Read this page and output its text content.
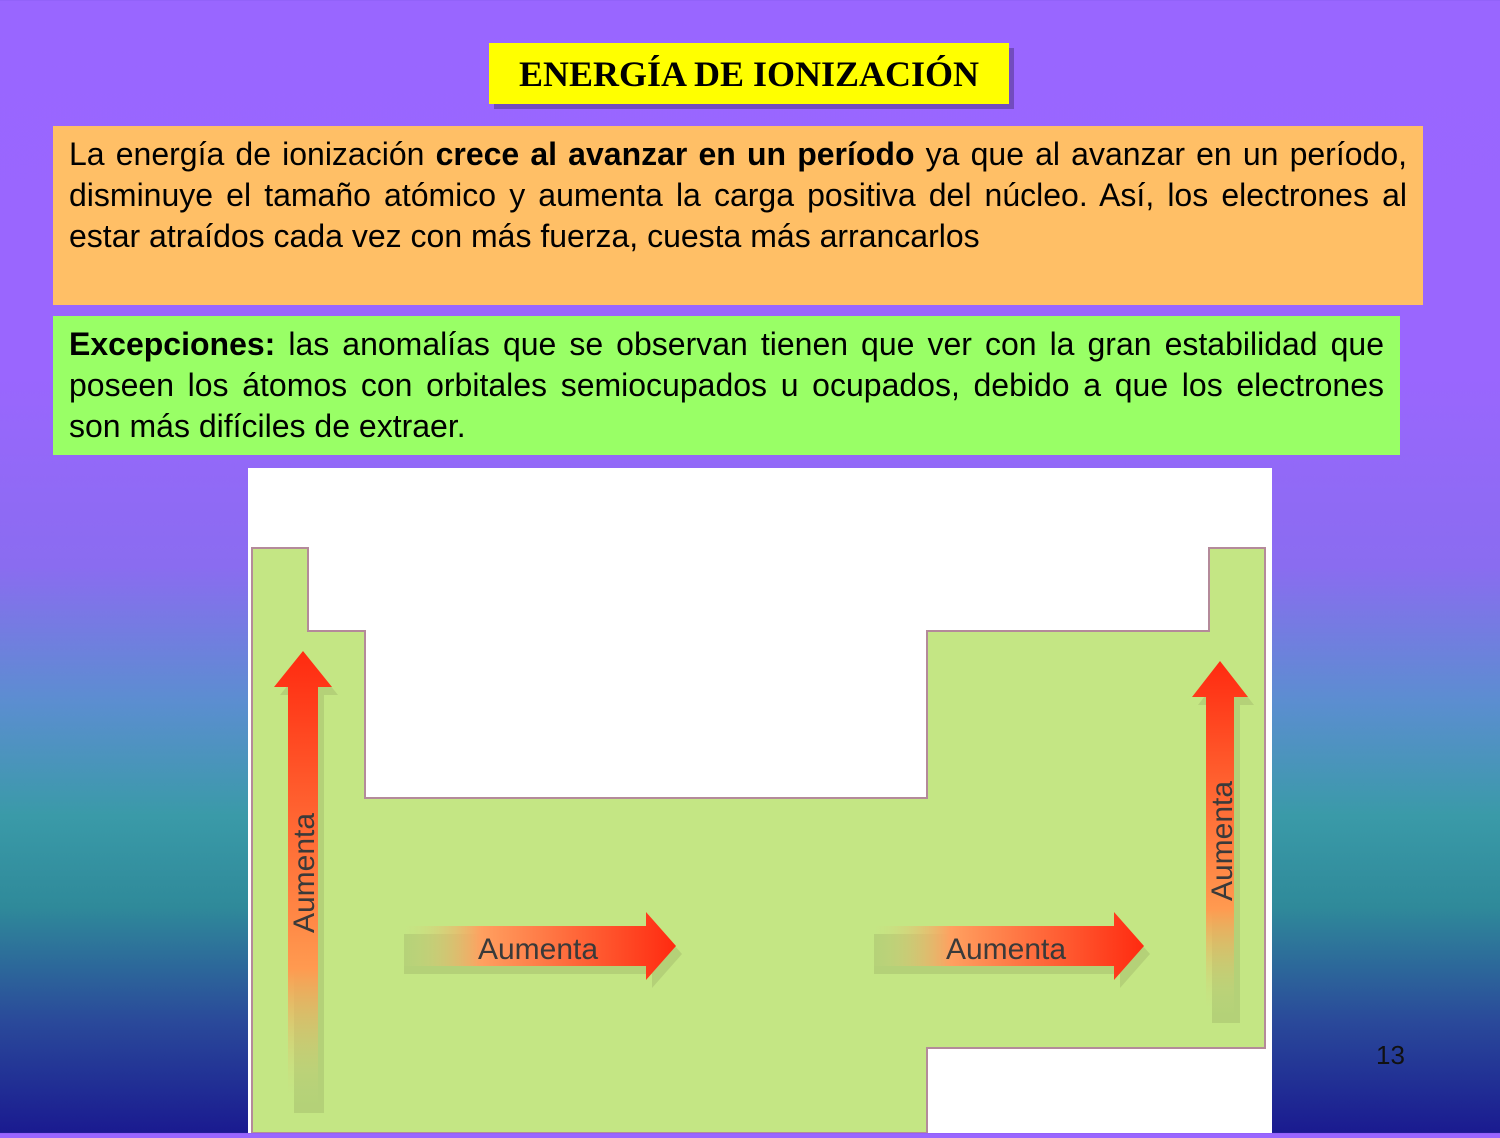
ENERGÍA DE IONIZACIÓN

La energía de ionización crece al avanzar en un período ya que al avanzar en un período, disminuye el tamaño atómico y aumenta la carga positiva del núcleo. Así, los electrones al estar atraídos cada vez con más fuerza, cuesta más arrancarlos

Excepciones: las anomalías que se observan tienen que ver con la gran estabilidad que poseen los átomos con orbitales semiocupados u ocupados, debido a que los electrones son más difíciles de extraer.

Aumenta
Aumenta	Aumenta
Aumenta
13
